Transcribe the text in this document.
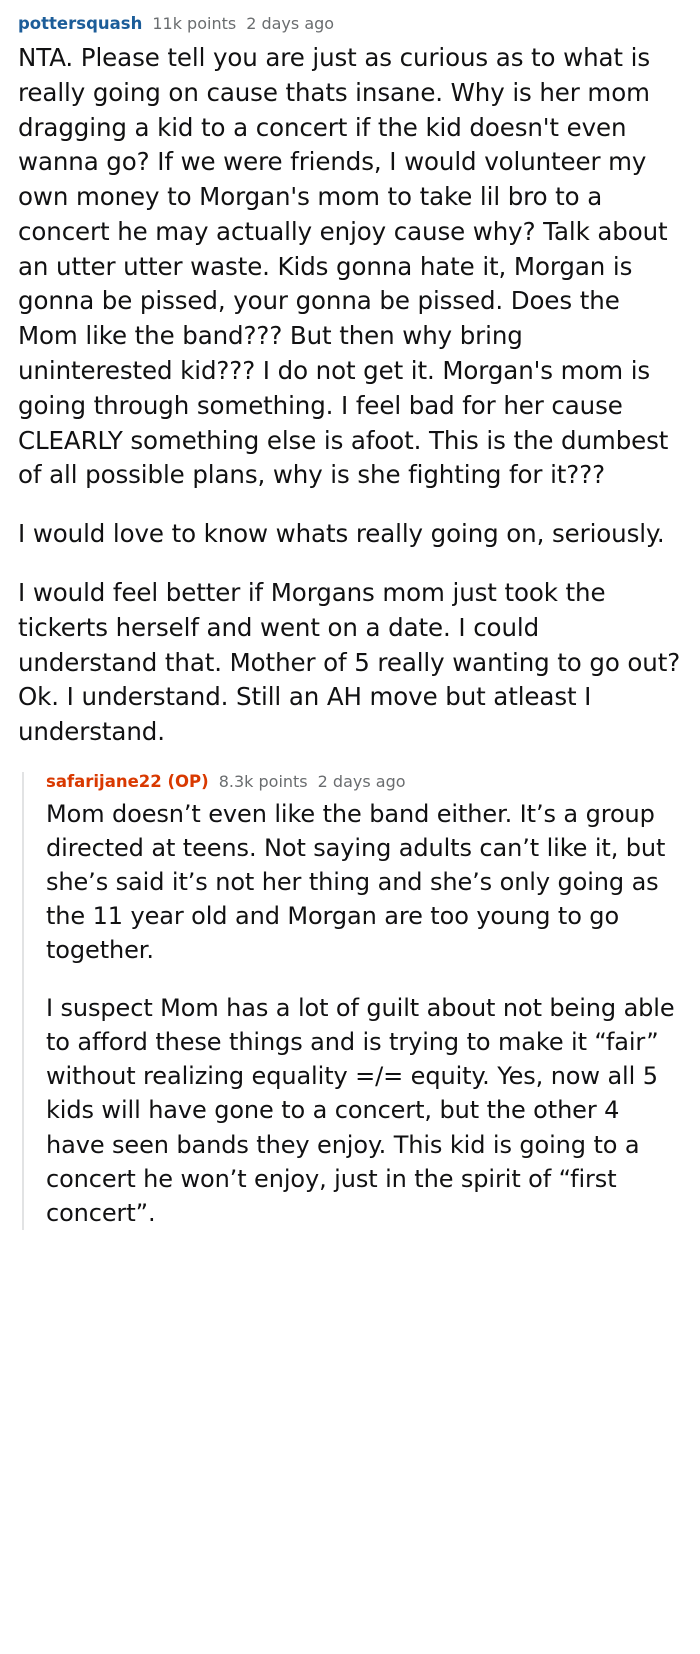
pottersquash 11k points 2 days ago

NTA. Please tell you are just as curious as to what is really going on cause thats insane. Why is her mom dragging a kid to a concert if the kid doesn't even wanna go? If we were friends, I would volunteer my own money to Morgan's mom to take lil bro to a concert he may actually enjoy cause why? Talk about an utter utter waste. Kids gonna hate it, Morgan is gonna be pissed, your gonna be pissed. Does the Mom like the band??? But then why bring uninterested kid??? I do not get it. Morgan's mom is going through something. I feel bad for her cause CLEARLY something else is afoot. This is the dumbest of all possible plans, why is she fighting for it???

I would love to know whats really going on, seriously.

I would feel better if Morgans mom just took the tickerts herself and went on a date. I could understand that. Mother of 5 really wanting to go out? Ok. I understand. Still an AH move but atleast I understand.

safarijane22 (OP) 8.3k points 2 days ago

Mom doesn’t even like the band either. It’s a group directed at teens. Not saying adults can’t like it, but she’s said it’s not her thing and she’s only going as the 11 year old and Morgan are too young to go together.

I suspect Mom has a lot of guilt about not being able to afford these things and is trying to make it “fair” without realizing equality =/= equity. Yes, now all 5 kids will have gone to a concert, but the other 4 have seen bands they enjoy. This kid is going to a concert he won’t enjoy, just in the spirit of “first concert”.
